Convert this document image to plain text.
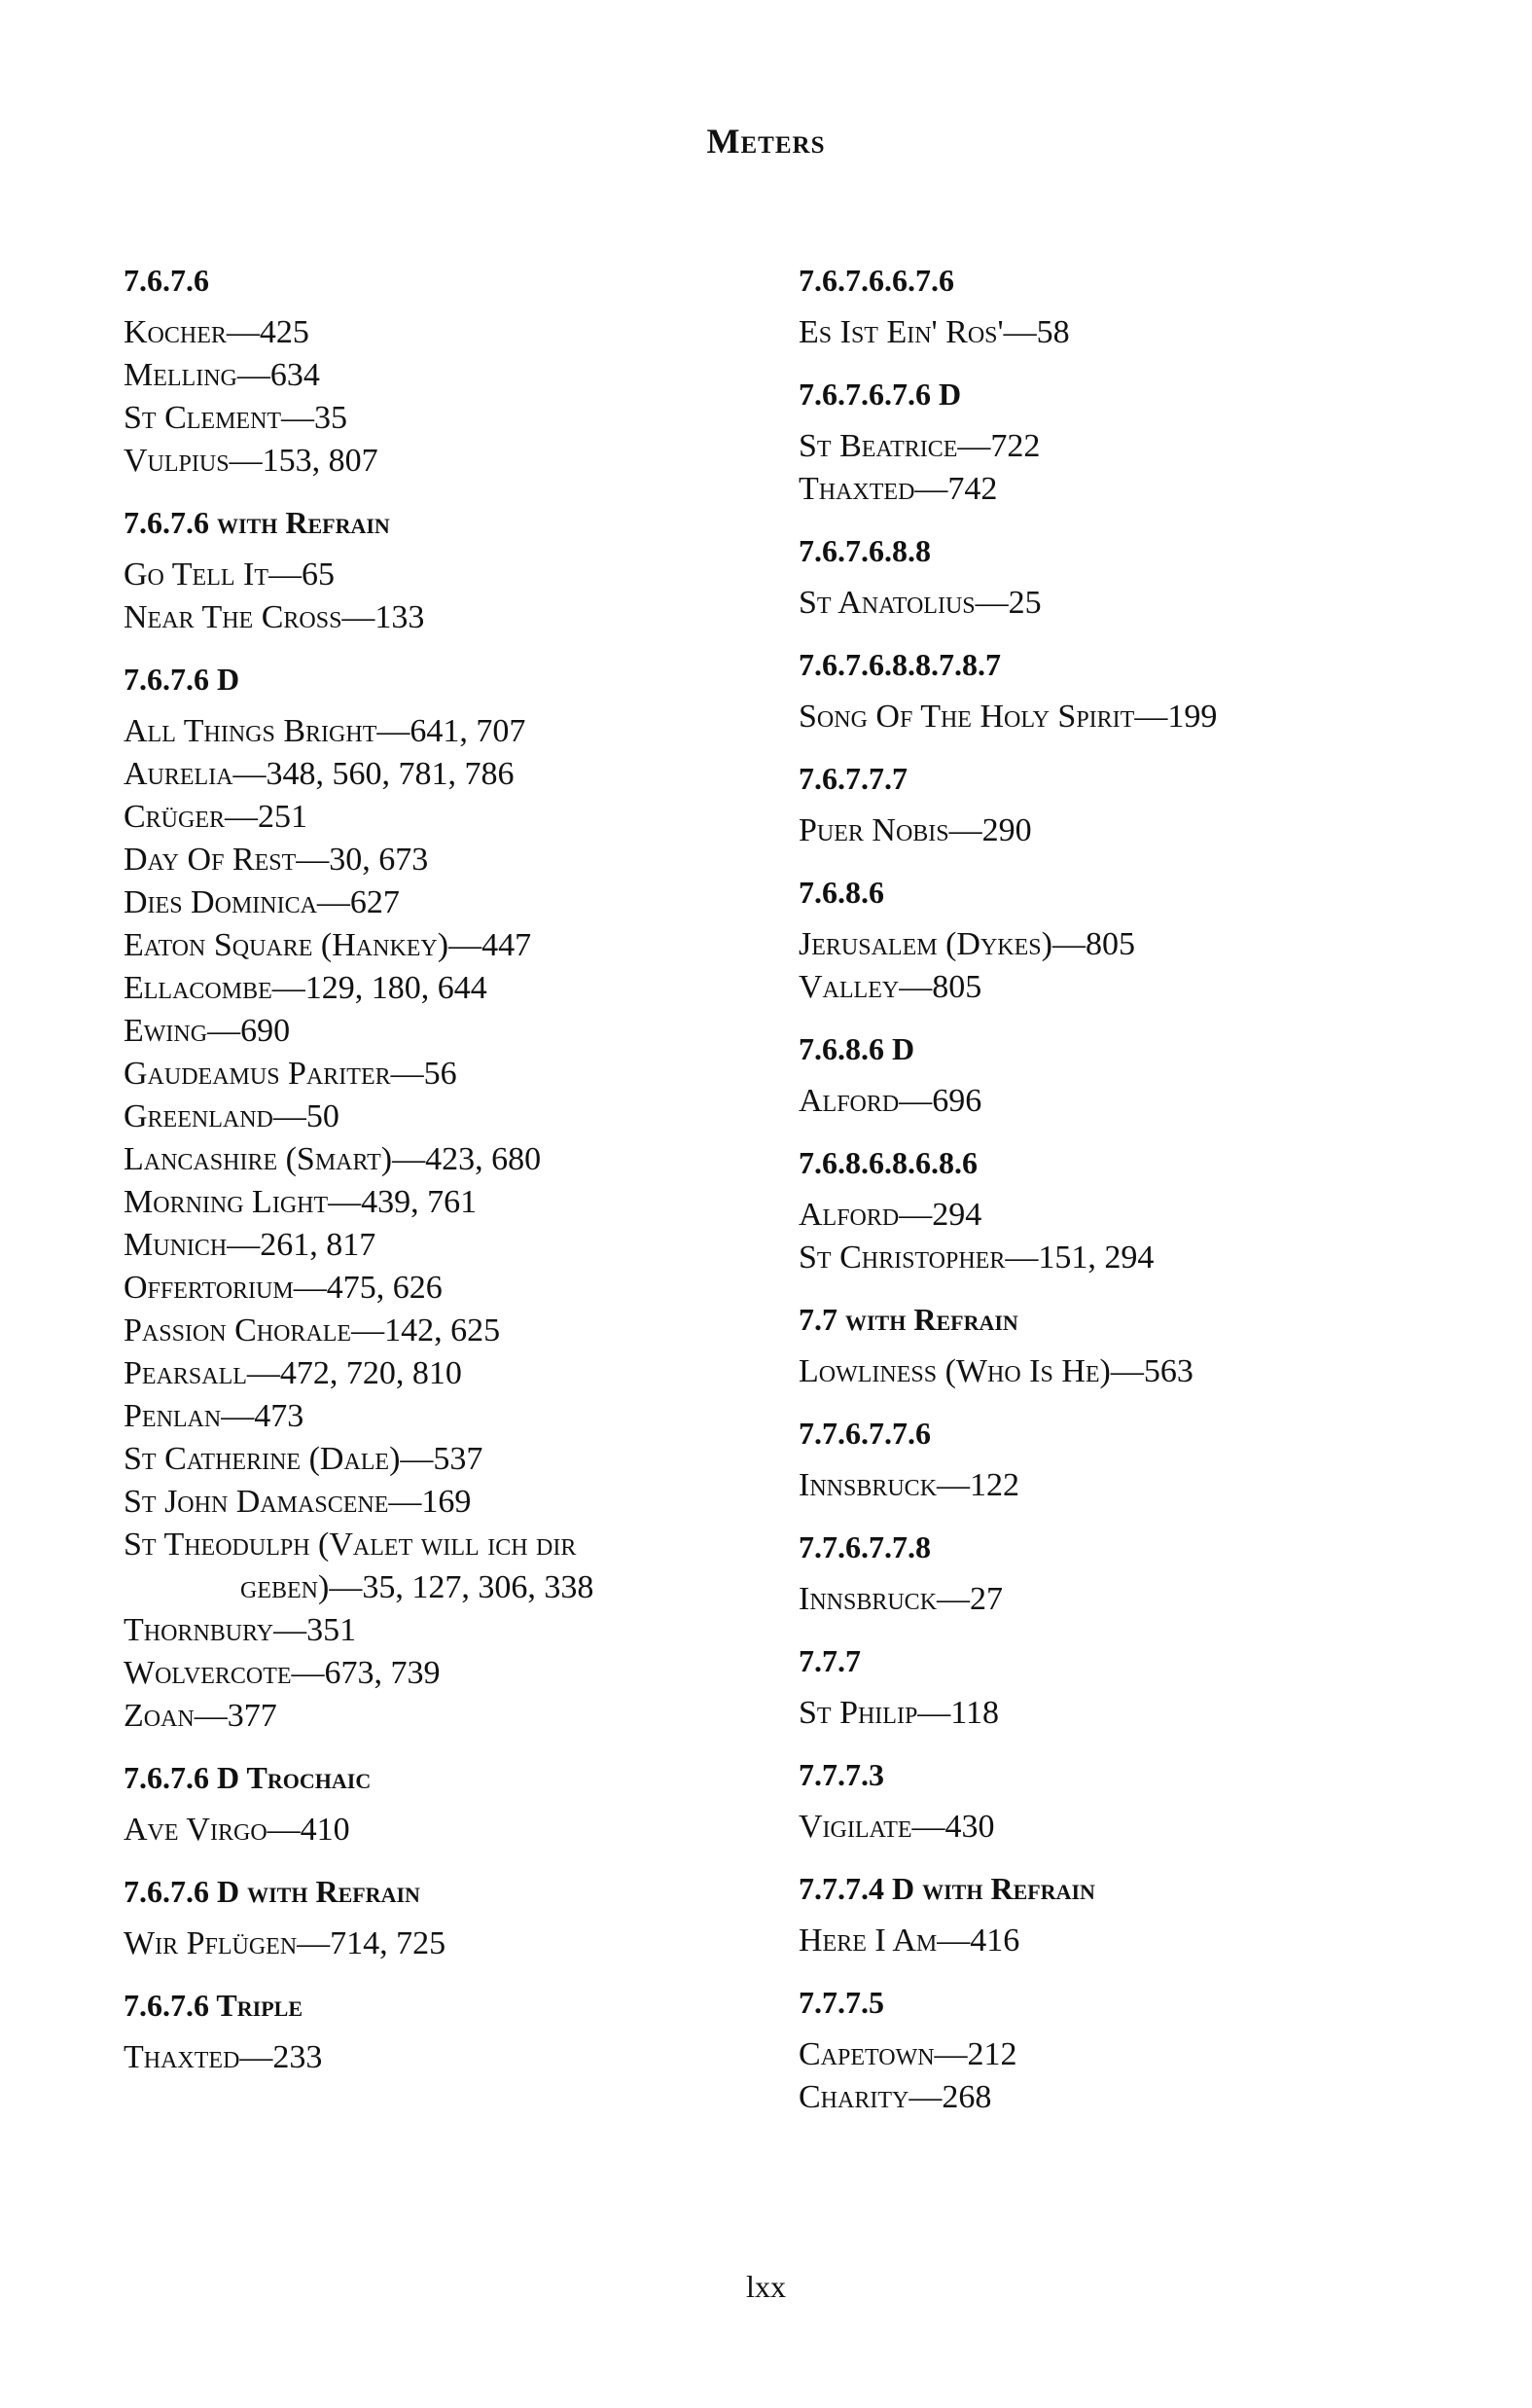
Meters
7.6.7.6
Kocher—425
Melling—634
St Clement—35
Vulpius—153, 807
7.6.7.6 with Refrain
Go Tell It—65
Near The Cross—133
7.6.7.6 D
All Things Bright—641, 707
Aurelia—348, 560, 781, 786
Crüger—251
Day Of Rest—30, 673
Dies Dominica—627
Eaton Square (Hankey)—447
Ellacombe—129, 180, 644
Ewing—690
Gaudeamus Pariter—56
Greenland—50
Lancashire (Smart)—423, 680
Morning Light—439, 761
Munich—261, 817
Offertorium—475, 626
Passion Chorale—142, 625
Pearsall—472, 720, 810
Penlan—473
St Catherine (Dale)—537
St John Damascene—169
St Theodulph (Valet will ich dir
geben)—35, 127, 306, 338
Thornbury—351
Wolvercote—673, 739
Zoan—377
7.6.7.6 D Trochaic
Ave Virgo—410
7.6.7.6 D with Refrain
Wir Pflügen—714, 725
7.6.7.6 Triple
Thaxted—233
7.6.7.6.6.7.6
Es Ist Ein' Ros'—58
7.6.7.6.7.6 D
St Beatrice—722
Thaxted—742
7.6.7.6.8.8
St Anatolius—25
7.6.7.6.8.8.7.8.7
Song Of The Holy Spirit—199
7.6.7.7.7
Puer Nobis—290
7.6.8.6
Jerusalem (Dykes)—805
Valley—805
7.6.8.6 D
Alford—696
7.6.8.6.8.6.8.6
Alford—294
St Christopher—151, 294
7.7 with Refrain
Lowliness (Who Is He)—563
7.7.6.7.7.6
Innsbruck—122
7.7.6.7.7.8
Innsbruck—27
7.7.7
St Philip—118
7.7.7.3
Vigilate—430
7.7.7.4 D with Refrain
Here I Am—416
7.7.7.5
Capetown—212
Charity—268
lxx
